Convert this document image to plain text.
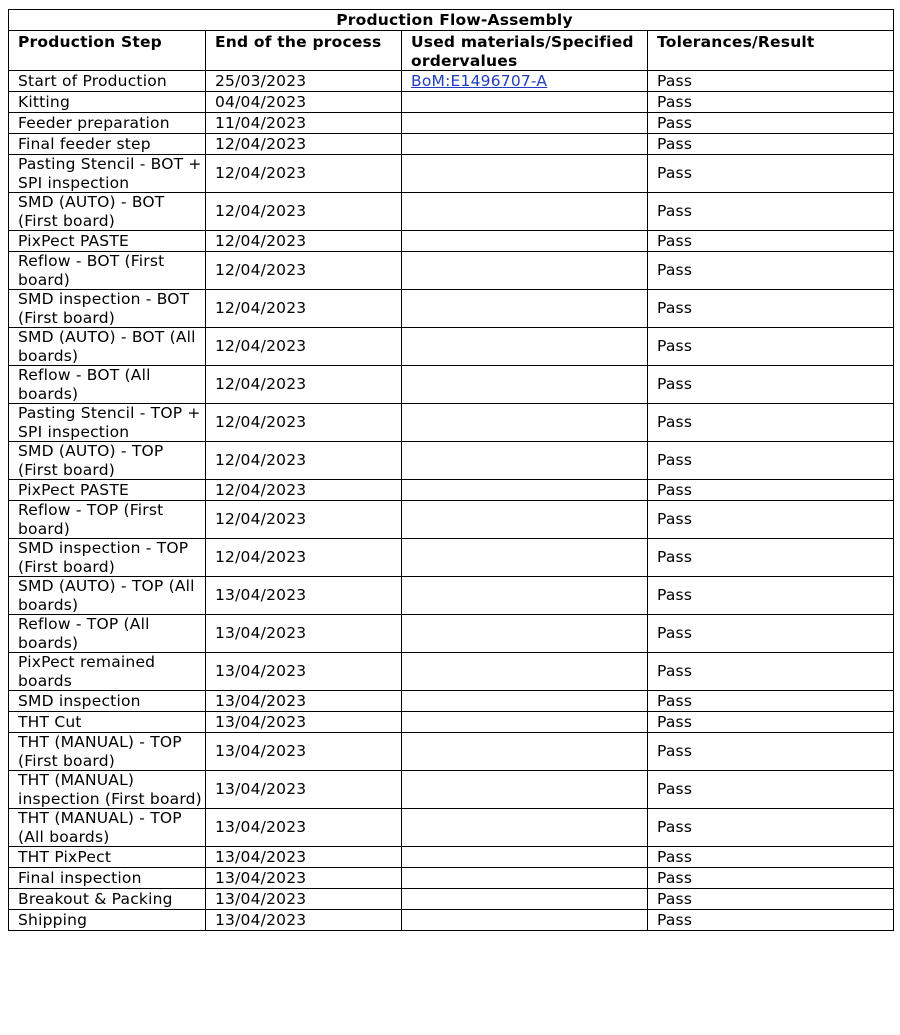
Production Flow-Assembly			
Production Step	End of the process	Used materials/Specified ordervalues	Tolerances/Result
Start of Production	25/03/2023	BoM:E1496707-A	Pass
Kitting	04/04/2023		Pass
Feeder preparation	11/04/2023		Pass
Final feeder step	12/04/2023		Pass
Pasting Stencil - BOT + SPI inspection	12/04/2023		Pass
SMD (AUTO) - BOT (First board)	12/04/2023		Pass
PixPect PASTE	12/04/2023		Pass
Reflow - BOT (First board)	12/04/2023		Pass
SMD inspection - BOT (First board)	12/04/2023		Pass
SMD (AUTO) - BOT (All boards)	12/04/2023		Pass
Reflow - BOT (All boards)	12/04/2023		Pass
Pasting Stencil - TOP + SPI inspection	12/04/2023		Pass
SMD (AUTO) - TOP (First board)	12/04/2023		Pass
PixPect PASTE	12/04/2023		Pass
Reflow - TOP (First board)	12/04/2023		Pass
SMD inspection - TOP (First board)	12/04/2023		Pass
SMD (AUTO) - TOP (All boards)	13/04/2023		Pass
Reflow - TOP (All boards)	13/04/2023		Pass
PixPect remained boards	13/04/2023		Pass
SMD inspection	13/04/2023		Pass
THT Cut	13/04/2023		Pass
THT (MANUAL) - TOP (First board)	13/04/2023		Pass
THT (MANUAL) inspection (First board)	13/04/2023		Pass
THT (MANUAL) - TOP (All boards)	13/04/2023		Pass
THT PixPect	13/04/2023		Pass
Final inspection	13/04/2023		Pass
Breakout & Packing	13/04/2023		Pass
Shipping	13/04/2023		Pass
